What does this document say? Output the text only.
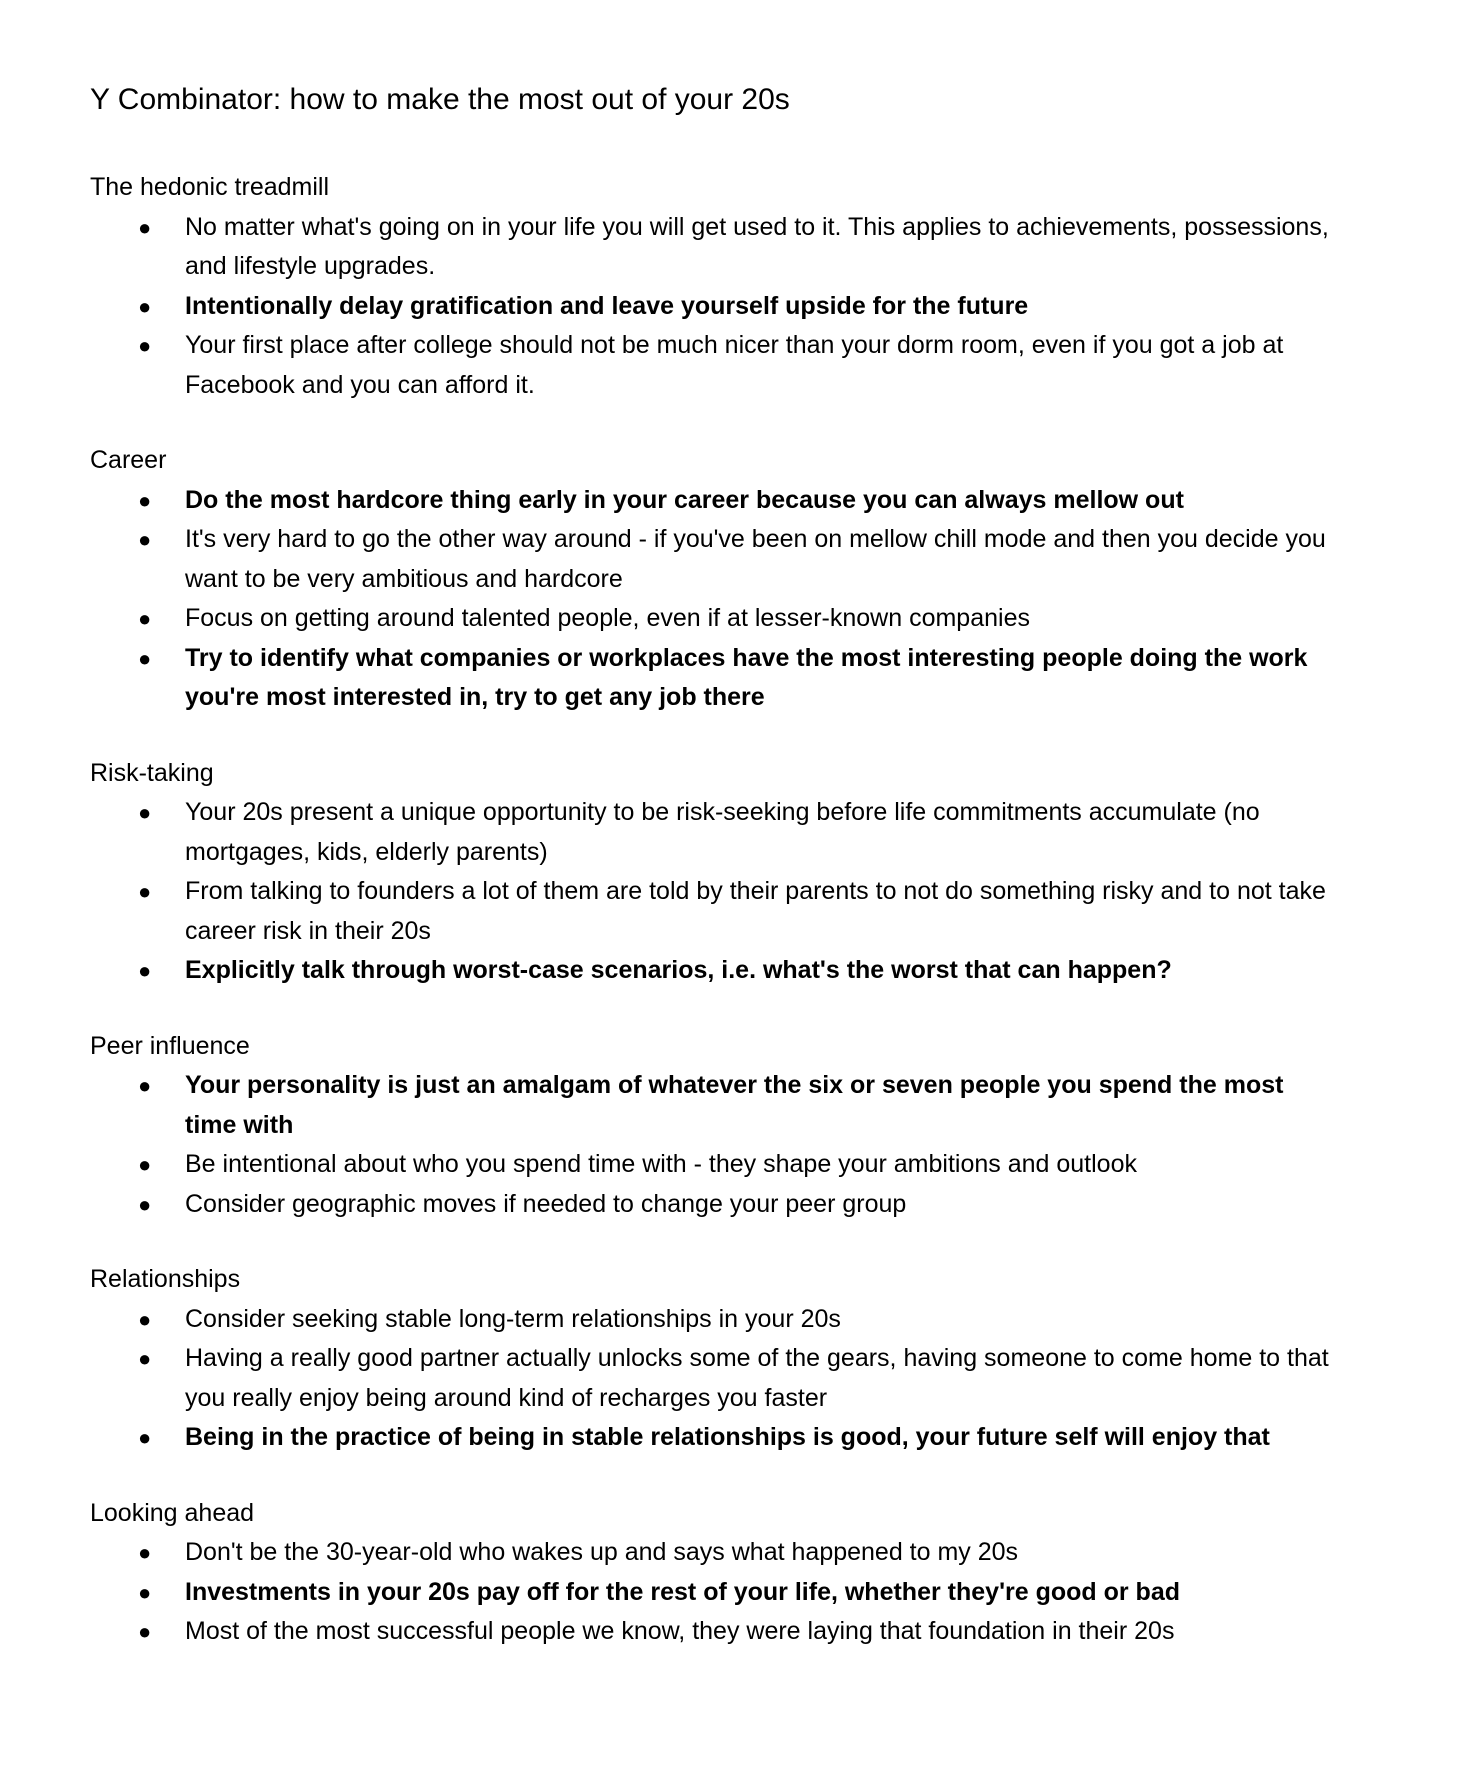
Y Combinator: how to make the most out of your 20s
The hedonic treadmill
● No matter what's going on in your life you will get used to it. This applies to achievements, possessions, and lifestyle upgrades.
● Intentionally delay gratification and leave yourself upside for the future
● Your first place after college should not be much nicer than your dorm room, even if you got a job at Facebook and you can afford it.
Career
● Do the most hardcore thing early in your career because you can always mellow out
● It's very hard to go the other way around - if you've been on mellow chill mode and then you decide you want to be very ambitious and hardcore
● Focus on getting around talented people, even if at lesser-known companies
● Try to identify what companies or workplaces have the most interesting people doing the work you're most interested in, try to get any job there
Risk-taking
● Your 20s present a unique opportunity to be risk-seeking before life commitments accumulate (no mortgages, kids, elderly parents)
● From talking to founders a lot of them are told by their parents to not do something risky and to not take career risk in their 20s
● Explicitly talk through worst-case scenarios, i.e. what's the worst that can happen?
Peer influence
● Your personality is just an amalgam of whatever the six or seven people you spend the most time with
● Be intentional about who you spend time with - they shape your ambitions and outlook
● Consider geographic moves if needed to change your peer group
Relationships
● Consider seeking stable long-term relationships in your 20s
● Having a really good partner actually unlocks some of the gears, having someone to come home to that you really enjoy being around kind of recharges you faster
● Being in the practice of being in stable relationships is good, your future self will enjoy that
Looking ahead
● Don't be the 30-year-old who wakes up and says what happened to my 20s
● Investments in your 20s pay off for the rest of your life, whether they're good or bad
● Most of the most successful people we know, they were laying that foundation in their 20s
